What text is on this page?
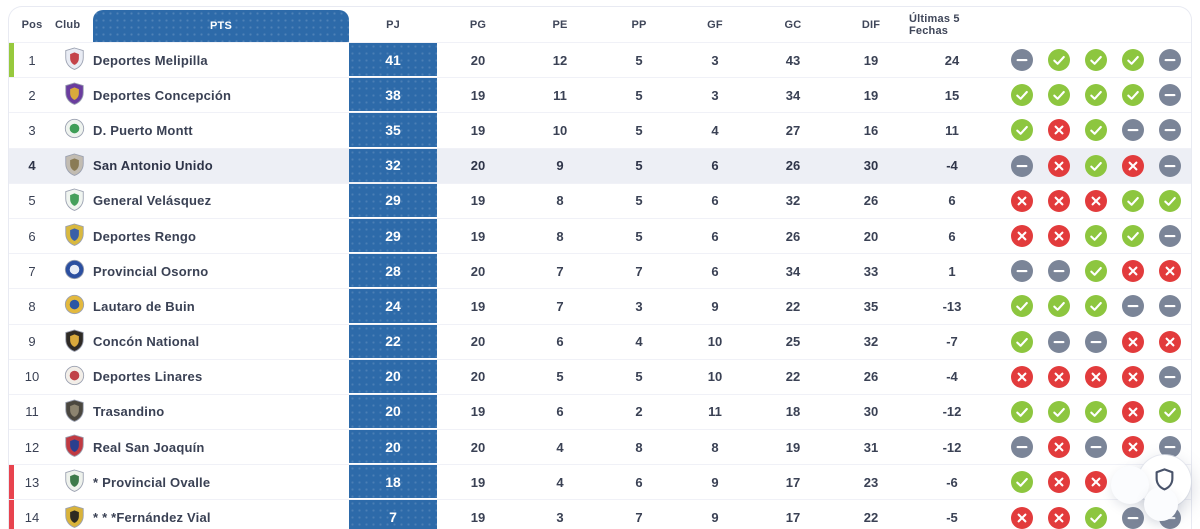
Pos	Club	PTS	PJ	PG	PE	PP	GF	GC	DIF	Últimas 5 Fechas
1	Deportes Melipilla	41	20	12	5	3	43	19	24
2	Deportes Concepción	38	19	11	5	3	34	19	15
3	D. Puerto Montt	35	19	10	5	4	27	16	11
4	San Antonio Unido	32	20	9	5	6	26	30	-4
5	General Velásquez	29	19	8	5	6	32	26	6
6	Deportes Rengo	29	19	8	5	6	26	20	6
7	Provincial Osorno	28	20	7	7	6	34	33	1
8	Lautaro de Buin	24	19	7	3	9	22	35	-13
9	Concón National	22	20	6	4	10	25	32	-7
10	Deportes Linares	20	20	5	5	10	22	26	-4
11	Trasandino	20	19	6	2	11	18	30	-12
12	Real San Joaquín	20	20	4	8	8	19	31	-12
13	* Provincial Ovalle	18	19	4	6	9	17	23	-6
14	* * *Fernández Vial	7	19	3	7	9	17	22	-5
